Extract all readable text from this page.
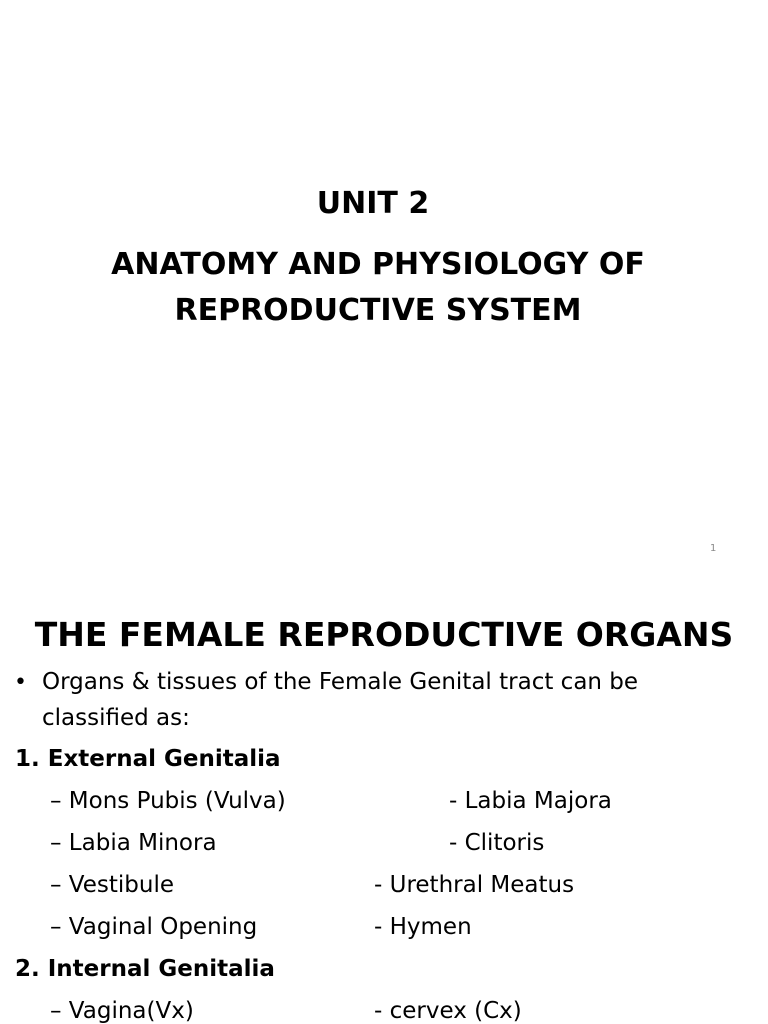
UNIT 2
ANATOMY AND PHYSIOLOGY OF
REPRODUCTIVE SYSTEM
1
THE FEMALE REPRODUCTIVE ORGANS
• Organs & tissues of the Female Genital tract can be
classified as:
1. External Genitalia
– Mons Pubis (Vulva)	- Labia Majora
– Labia Minora	- Clitoris
– Vestibule	- Urethral Meatus
– Vaginal Opening	- Hymen
2. Internal Genitalia
– Vagina(Vx)	- cervex (Cx)
